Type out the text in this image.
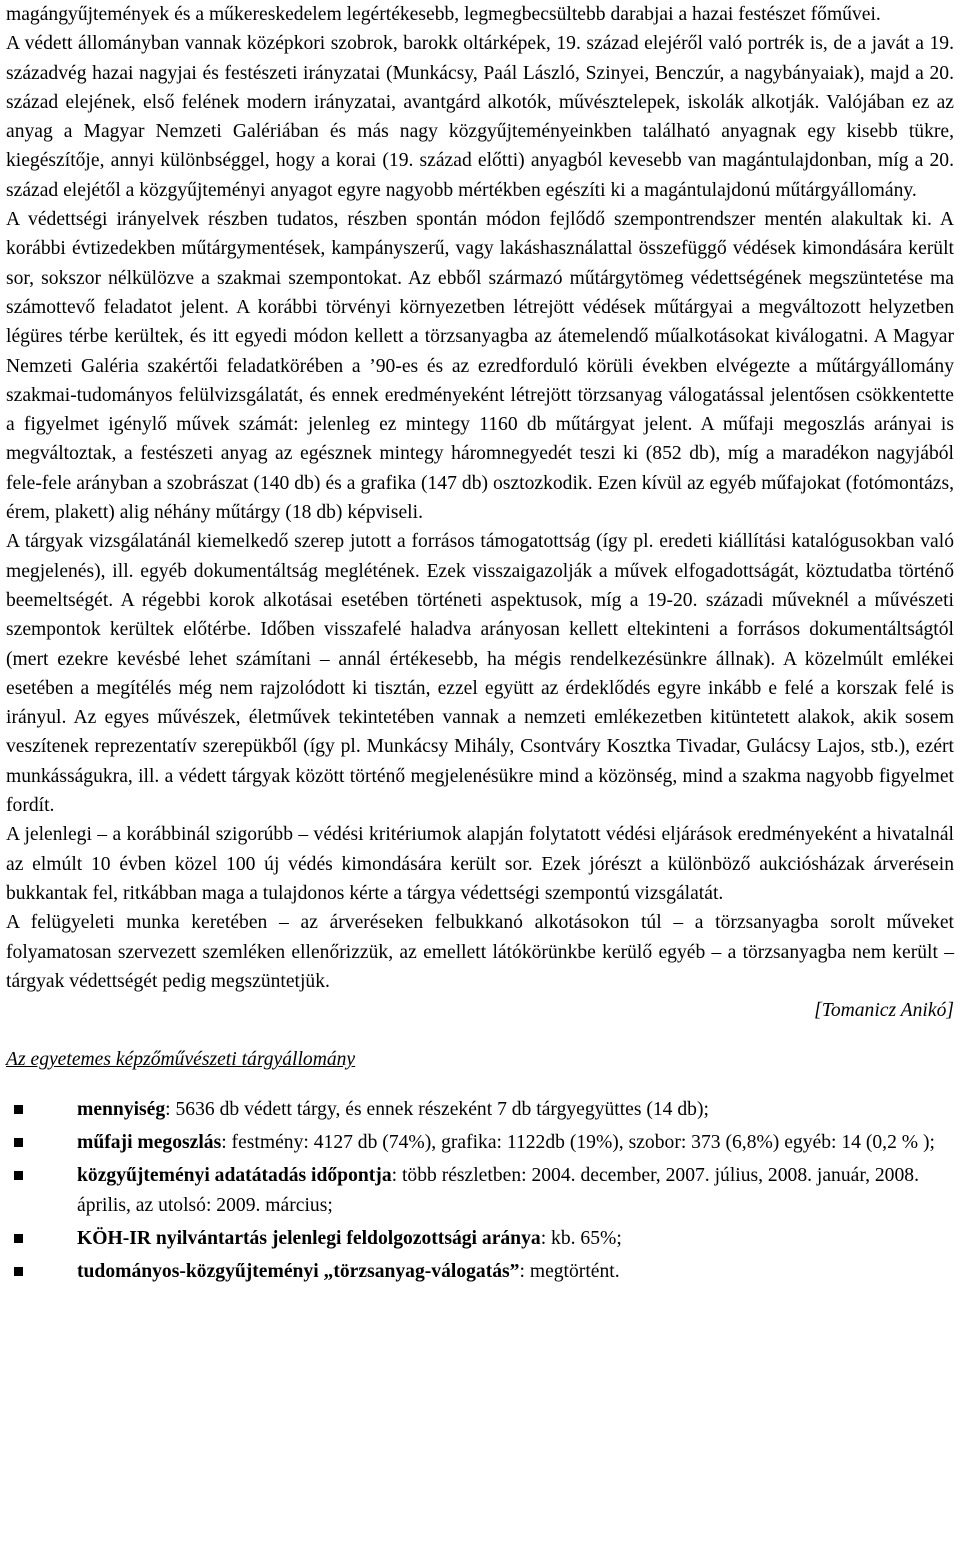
magángyűjtemények és a műkereskedelem legértékesebb, legmegbecsültebb darabjai a hazai festészet főművei.

A védett állományban vannak középkori szobrok, barokk oltárképek, 19. század elejéről való portrék is, de a javát a 19. századvég hazai nagyjai és festészeti irányzatai (Munkácsy, Paál László, Szinyei, Benczúr, a nagybányaiak), majd a 20. század elejének, első felének modern irányzatai, avantgárd alkotók, művésztelepek, iskolák alkotják. Valójában ez az anyag a Magyar Nemzeti Galériában és más nagy közgyűjteményeinkben található anyagnak egy kisebb tükre, kiegészítője, annyi különbséggel, hogy a korai (19. század előtti) anyagból kevesebb van magántulajdonban, míg a 20. század elejétől a közgyűjteményi anyagot egyre nagyobb mértékben egészíti ki a magántulajdonú műtárgyállomány.

A védettségi irányelvek részben tudatos, részben spontán módon fejlődő szempontrendszer mentén alakultak ki. A korábbi évtizedekben műtárgymentések, kampányszerű, vagy lakáshasználattal összefüggő védések kimondására került sor, sokszor nélkülözve a szakmai szempontokat. Az ebből származó műtárgytömeg védettségének megszüntetése ma számottevő feladatot jelent. A korábbi törvényi környezetben létrejött védések műtárgyai a megváltozott helyzetben légüres térbe kerültek, és itt egyedi módon kellett a törzsanyagba az átemelendő műalkotásokat kiválogatni. A Magyar Nemzeti Galéria szakértői feladatkörében a ’90-es és az ezredforduló körüli években elvégezte a műtárgyállomány szakmai-tudományos felülvizsgálatát, és ennek eredményeként létrejött törzsanyag válogatással jelentősen csökkentette a figyelmet igénylő művek számát: jelenleg ez mintegy 1160 db műtárgyat jelent. A műfaji megoszlás arányai is megváltoztak, a festészeti anyag az egésznek mintegy háromnegyedét teszi ki (852 db), míg a maradékon nagyjából fele-fele arányban a szobrászat (140 db) és a grafika (147 db) osztozkodik. Ezen kívül az egyéb műfajokat (fotómontázs, érem, plakett) alig néhány műtárgy (18 db) képviseli.

A tárgyak vizsgálatánál kiemelkedő szerep jutott a forrásos támogatottság (így pl. eredeti kiállítási katalógusokban való megjelenés), ill. egyéb dokumentáltság meglétének. Ezek visszaigazolják a művek elfogadottságát, köztudatba történő beemeltségét. A régebbi korok alkotásai esetében történeti aspektusok, míg a 19-20. századi műveknél a művészeti szempontok kerültek előtérbe. Időben visszafelé haladva arányosan kellett eltekinteni a forrásos dokumentáltságtól (mert ezekre kevésbé lehet számítani – annál értékesebb, ha mégis rendelkezésünkre állnak). A közelmúlt emlékei esetében a megítélés még nem rajzolódott ki tisztán, ezzel együtt az érdeklődés egyre inkább e felé a korszak felé is irányul. Az egyes művészek, életművek tekintetében vannak a nemzeti emlékezetben kitüntetett alakok, akik sosem veszítenek reprezentatív szerepükből (így pl. Munkácsy Mihály, Csontváry Kosztka Tivadar, Gulácsy Lajos, stb.), ezért munkásságukra, ill. a védett tárgyak között történő megjelenésükre mind a közönség, mind a szakma nagyobb figyelmet fordít.

A jelenlegi – a korábbinál szigorúbb – védési kritériumok alapján folytatott védési eljárások eredményeként a hivatalnál az elmúlt 10 évben közel 100 új védés kimondására került sor. Ezek jórészt a különböző aukciósházak árverésein bukkantak fel, ritkábban maga a tulajdonos kérte a tárgya védettségi szempontú vizsgálatát.

A felügyeleti munka keretében – az árveréseken felbukkanó alkotásokon túl – a törzsanyagba sorolt műveket folyamatosan szervezett szemléken ellenőrizzük, az emellett látókörünkbe kerülő egyéb – a törzsanyagba nem került – tárgyak védettségét pedig megszüntetjük.

[Tomanicz Anikó]

Az egyetemes képzőművészeti tárgyállomány

mennyiség: 5636 db védett tárgy, és ennek részeként 7 db tárgyegyüttes (14 db);
műfaji megoszlás: festmény: 4127 db (74%), grafika: 1122db (19%), szobor: 373 (6,8%) egyéb: 14 (0,2 % );
közgyűjteményi adatátadás időpontja: több részletben: 2004. december, 2007. július, 2008. január, 2008. április, az utolsó: 2009. március;
KÖH-IR nyilvántartás jelenlegi feldolgozottsági aránya: kb. 65%;
tudományos-közgyűjteményi „törzsanyag-válogatás”: megtörtént.
